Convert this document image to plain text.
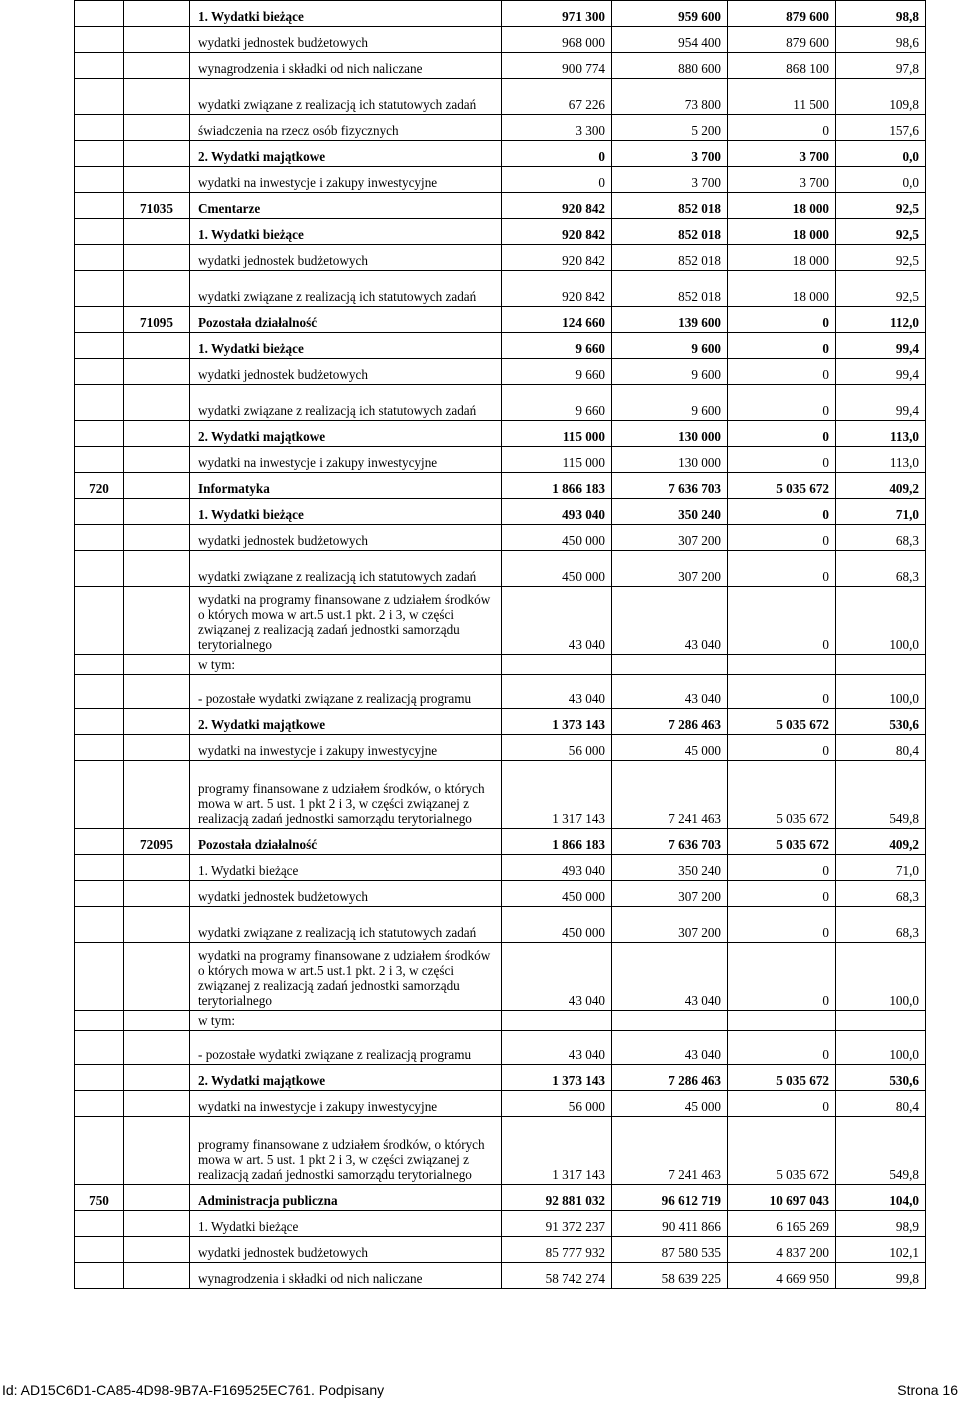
		1. Wydatki bieżące	971 300	959 600	879 600	98,8
		wydatki jednostek budżetowych	968 000	954 400	879 600	98,6
		wynagrodzenia i składki od nich naliczane	900 774	880 600	868 100	97,8
		wydatki związane z realizacją ich statutowych zadań	67 226	73 800	11 500	109,8
		świadczenia na rzecz osób fizycznych	3 300	5 200	0	157,6
		2. Wydatki majątkowe	0	3 700	3 700	0,0
		wydatki na inwestycje i zakupy inwestycyjne	0	3 700	3 700	0,0
	71035	Cmentarze	920 842	852 018	18 000	92,5
		1. Wydatki bieżące	920 842	852 018	18 000	92,5
		wydatki jednostek budżetowych	920 842	852 018	18 000	92,5
		wydatki związane z realizacją ich statutowych zadań	920 842	852 018	18 000	92,5
	71095	Pozostała działalność	124 660	139 600	0	112,0
		1. Wydatki bieżące	9 660	9 600	0	99,4
		wydatki jednostek budżetowych	9 660	9 600	0	99,4
		wydatki związane z realizacją ich statutowych zadań	9 660	9 600	0	99,4
		2. Wydatki majątkowe	115 000	130 000	0	113,0
		wydatki na inwestycje i zakupy inwestycyjne	115 000	130 000	0	113,0
720		Informatyka	1 866 183	7 636 703	5 035 672	409,2
		1. Wydatki bieżące	493 040	350 240	0	71,0
		wydatki jednostek budżetowych	450 000	307 200	0	68,3
		wydatki związane z realizacją ich statutowych zadań	450 000	307 200	0	68,3
		wydatki na programy finansowane z udziałem środków o których mowa w art.5 ust.1 pkt. 2 i 3, w części związanej z realizacją zadań jednostki samorządu terytorialnego	43 040	43 040	0	100,0
		w tym:				
		- pozostałe wydatki związane z realizacją programu	43 040	43 040	0	100,0
		2. Wydatki majątkowe	1 373 143	7 286 463	5 035 672	530,6
		wydatki na inwestycje i zakupy inwestycyjne	56 000	45 000	0	80,4
		programy finansowane z udziałem środków, o których mowa w art. 5 ust. 1 pkt 2 i 3, w części związanej z realizacją zadań jednostki samorządu terytorialnego	1 317 143	7 241 463	5 035 672	549,8
	72095	Pozostała działalność	1 866 183	7 636 703	5 035 672	409,2
		1. Wydatki bieżące	493 040	350 240	0	71,0
		wydatki jednostek budżetowych	450 000	307 200	0	68,3
		wydatki związane z realizacją ich statutowych zadań	450 000	307 200	0	68,3
		wydatki na programy finansowane z udziałem środków o których mowa w art.5 ust.1 pkt. 2 i 3, w części związanej z realizacją zadań jednostki samorządu terytorialnego	43 040	43 040	0	100,0
		w tym:				
		- pozostałe wydatki związane z realizacją programu	43 040	43 040	0	100,0
		2. Wydatki majątkowe	1 373 143	7 286 463	5 035 672	530,6
		wydatki na inwestycje i zakupy inwestycyjne	56 000	45 000	0	80,4
		programy finansowane z udziałem środków, o których mowa w art. 5 ust. 1 pkt 2 i 3, w części związanej z realizacją zadań jednostki samorządu terytorialnego	1 317 143	7 241 463	5 035 672	549,8
750		Administracja publiczna	92 881 032	96 612 719	10 697 043	104,0
		1. Wydatki bieżące	91 372 237	90 411 866	6 165 269	98,9
		wydatki jednostek budżetowych	85 777 932	87 580 535	4 837 200	102,1
		wynagrodzenia i składki od nich naliczane	58 742 274	58 639 225	4 669 950	99,8
Id: AD15C6D1-CA85-4D98-9B7A-F169525EC761. Podpisany	Strona 16
